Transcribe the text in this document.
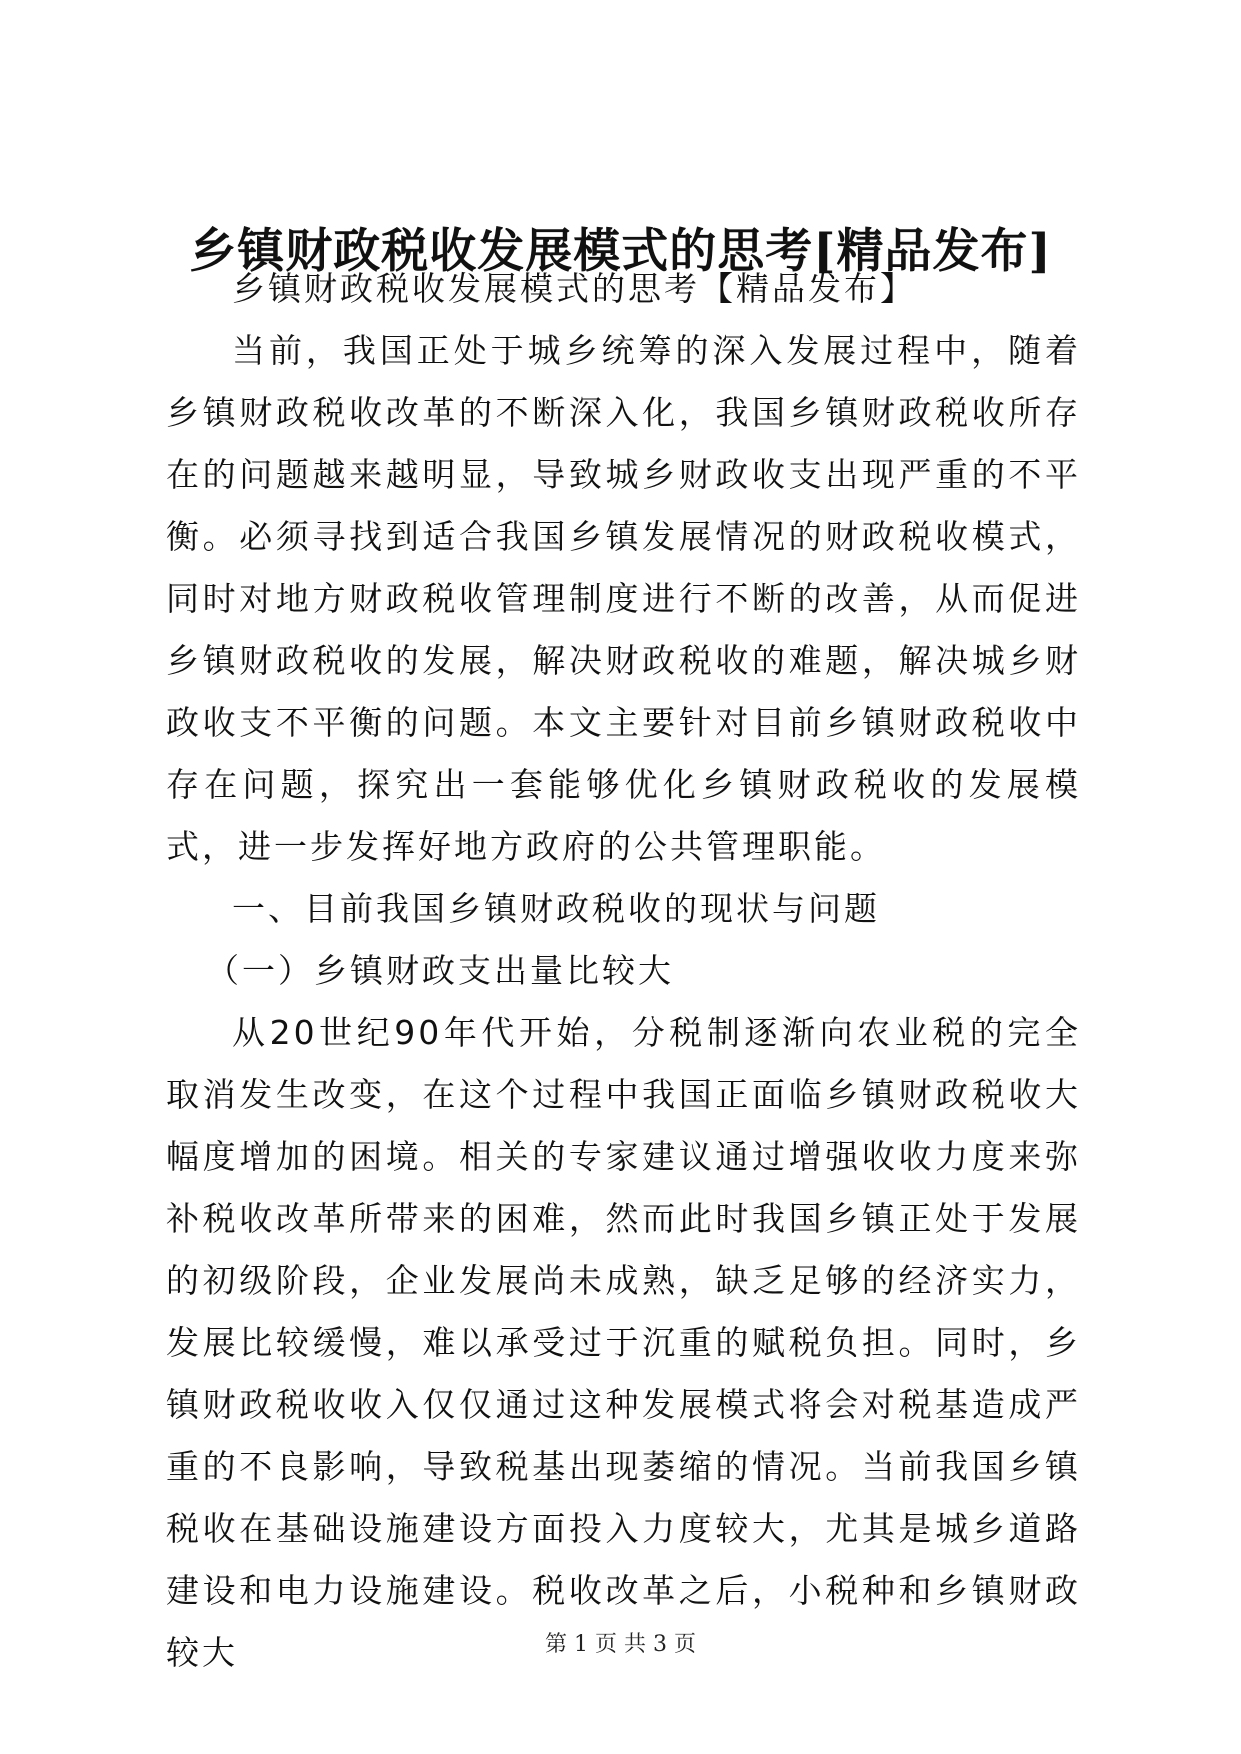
乡镇财政税收发展模式的思考[精品发布]

乡镇财政税收发展模式的思考【精品发布】

当前，我国正处于城乡统筹的深入发展过程中，随着乡镇财政税收改革的不断深入化，我国乡镇财政税收所存在的问题越来越明显，导致城乡财政收支出现严重的不平衡。必须寻找到适合我国乡镇发展情况的财政税收模式，同时对地方财政税收管理制度进行不断的改善，从而促进乡镇财政税收的发展，解决财政税收的难题，解决城乡财政收支不平衡的问题。本文主要针对目前乡镇财政税收中存在问题，探究出一套能够优化乡镇财政税收的发展模式，进一步发挥好地方政府的公共管理职能。

一、目前我国乡镇财政税收的现状与问题

（一）乡镇财政支出量比较大

从20世纪90年代开始，分税制逐渐向农业税的完全取消发生改变，在这个过程中我国正面临乡镇财政税收大幅度增加的困境。相关的专家建议通过增强收收力度来弥补税收改革所带来的困难，然而此时我国乡镇正处于发展的初级阶段，企业发展尚未成熟，缺乏足够的经济实力，发展比较缓慢，难以承受过于沉重的赋税负担。同时，乡镇财政税收收入仅仅通过这种发展模式将会对税基造成严重的不良影响，导致税基出现萎缩的情况。当前我国乡镇税收在基础设施建设方面投入力度较大，尤其是城乡道路建设和电力设施建设。税收改革之后，小税种和乡镇财政较大	第 1 页 共 3 页
